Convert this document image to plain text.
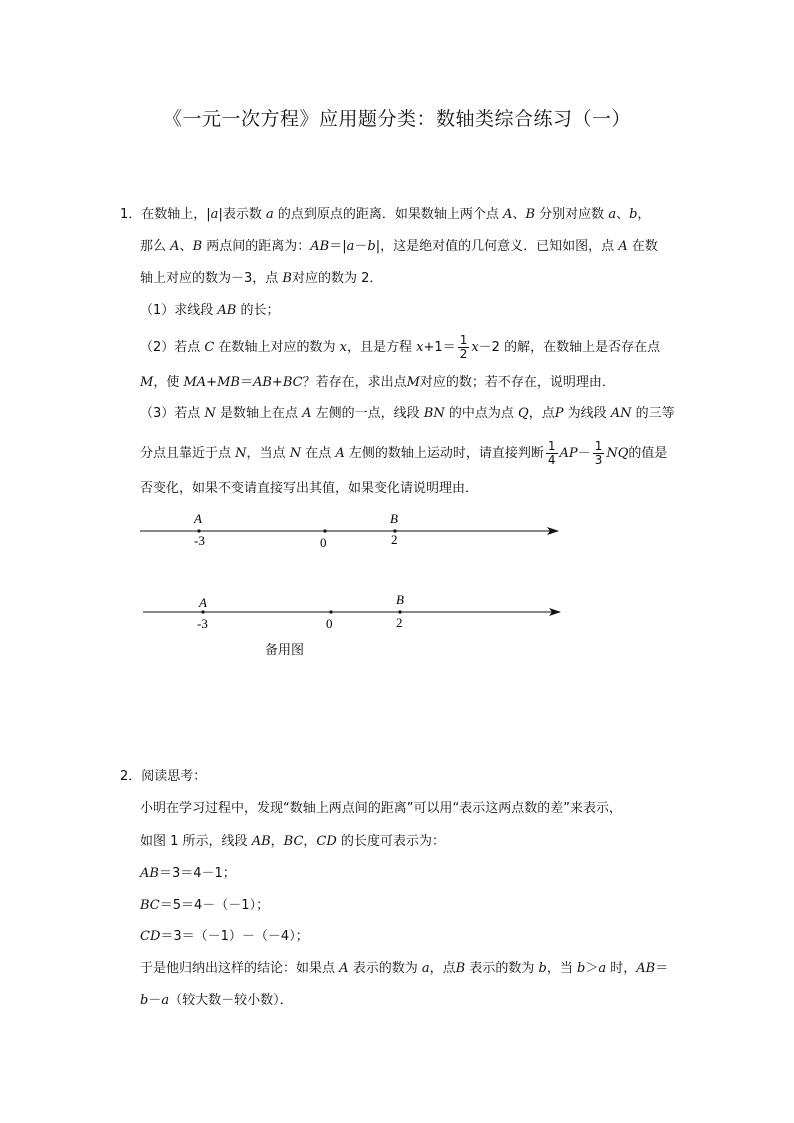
《一元一次方程》应用题分类：数轴类综合练习（一）
1．在数轴上，|a|表示数 a 的点到原点的距离．如果数轴上两个点 A、B 分别对应数 a、b，
那么 A、B 两点间的距离为：AB＝|a－b|，这是绝对值的几何意义．已知如图，点 A 在数
轴上对应的数为－3，点 B对应的数为 2．
（1）求线段 AB 的长；
（2）若点 C 在数轴上对应的数为 x，且是方程 $x+1= \frac{1}{2} x-2$ 的解，在数轴上是否存在点
M，使 MA+MB＝AB+BC？若存在，求出点M对应的数；若不存在，说明理由．
（3）若点 N 是数轴上在点 A 左侧的一点，线段 BN 的中点为点 Q，点P 为线段 AN 的三等
分点且靠近于点 N，当点 N 在点 A 左侧的数轴上运动时，请直接判断 $\frac{1}{4} AP- \frac{1}{3}$ NQ的值是
否变化，如果不变请直接写出其值，如果变化请说明理由．
A	B
-3	0	2
A	B
-3	0	2
备用图
2．阅读思考：
小明在学习过程中，发现“数轴上两点间的距离”可以用“表示这两点数的差”来表示，
如图 1 所示，线段 AB，BC，CD 的长度可表示为：
AB＝3＝4－1；
BC＝5＝4－（－1）；
CD＝3＝（－1）－（－4）；
于是他归纳出这样的结论：如果点 A 表示的数为 a，点B 表示的数为 b，当 b＞a 时，AB＝
b－a（较大数－较小数）．
